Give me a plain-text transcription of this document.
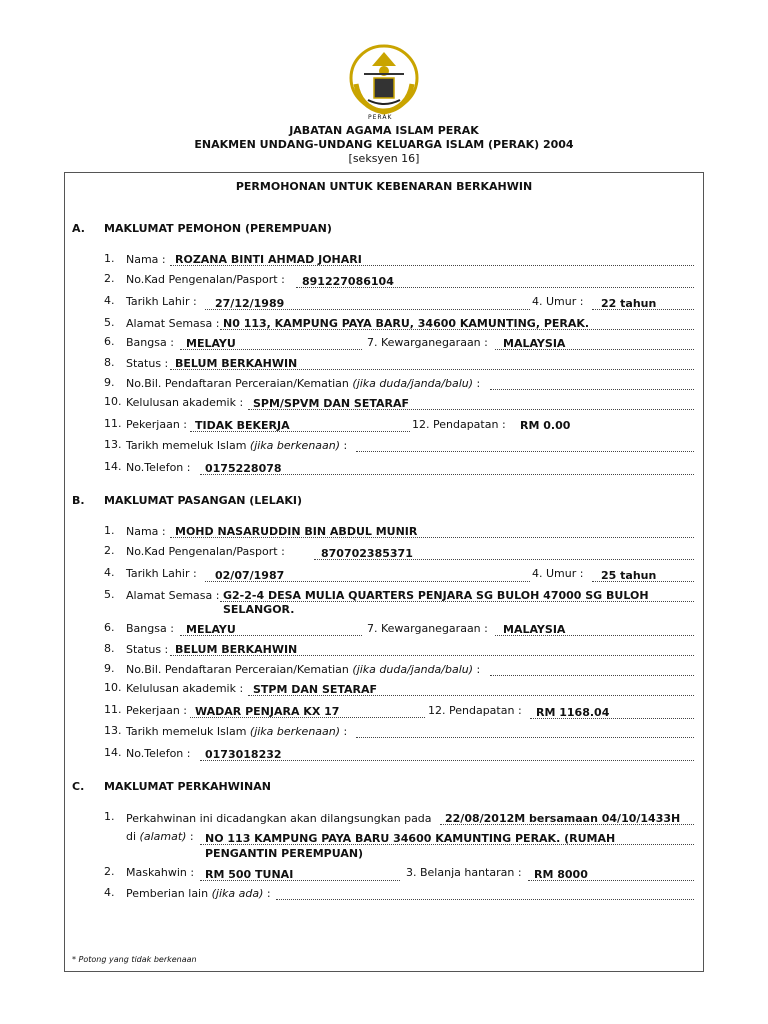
PERAK
JABATAN AGAMA ISLAM PERAK
ENAKMEN UNDANG-UNDANG KELUARGA ISLAM (PERAK) 2004
[seksyen 16]
PERMOHONAN UNTUK KEBENARAN BERKAHWIN
A. MAKLUMAT PEMOHON (PEREMPUAN)
1. Nama : ROZANA BINTI AHMAD JOHARI
2. No.Kad Pengenalan/Pasport : 891227086104
4. Tarikh Lahir : 27/12/1989	4. Umur : 22 tahun
5. Alamat Semasa : N0 113, KAMPUNG PAYA BARU, 34600 KAMUNTING, PERAK.
6. Bangsa : MELAYU	7. Kewarganegaraan : MALAYSIA
8. Status : BELUM BERKAHWIN
9. No.Bil. Pendaftaran Perceraian/Kematian (jika duda/janda/balu) :
10. Kelulusan akademik : SPM/SPVM DAN SETARAF
11. Pekerjaan : TIDAK BEKERJA	12. Pendapatan : RM 0.00
13. Tarikh memeluk Islam (jika berkenaan) :
14. No.Telefon : 0175228078
B. MAKLUMAT PASANGAN (LELAKI)
1. Nama : MOHD NASARUDDIN BIN ABDUL MUNIR
2. No.Kad Pengenalan/Pasport :	870702385371
4. Tarikh Lahir : 02/07/1987	4. Umur : 25 tahun
5. Alamat Semasa : G2-2-4 DESA MULIA QUARTERS PENJARA SG BULOH 47000 SG BULOH
SELANGOR.
6. Bangsa : MELAYU	7. Kewarganegaraan : MALAYSIA
8. Status : BELUM BERKAHWIN
9. No.Bil. Pendaftaran Perceraian/Kematian (jika duda/janda/balu) :
10. Kelulusan akademik : STPM DAN SETARAF
11. Pekerjaan : WADAR PENJARA KX 17	12. Pendapatan : RM 1168.04
13. Tarikh memeluk Islam (jika berkenaan) :
14. No.Telefon : 0173018232
C. MAKLUMAT PERKAHWINAN
1. Perkahwinan ini dicadangkan akan dilangsungkan pada 22/08/2012M bersamaan 04/10/1433H
di (alamat) : NO 113 KAMPUNG PAYA BARU 34600 KAMUNTING PERAK. (RUMAH
PENGANTIN PEREMPUAN)
2. Maskahwin : RM 500 TUNAI	3. Belanja hantaran : RM 8000
4. Pemberian lain (jika ada) :
* Potong yang tidak berkenaan
